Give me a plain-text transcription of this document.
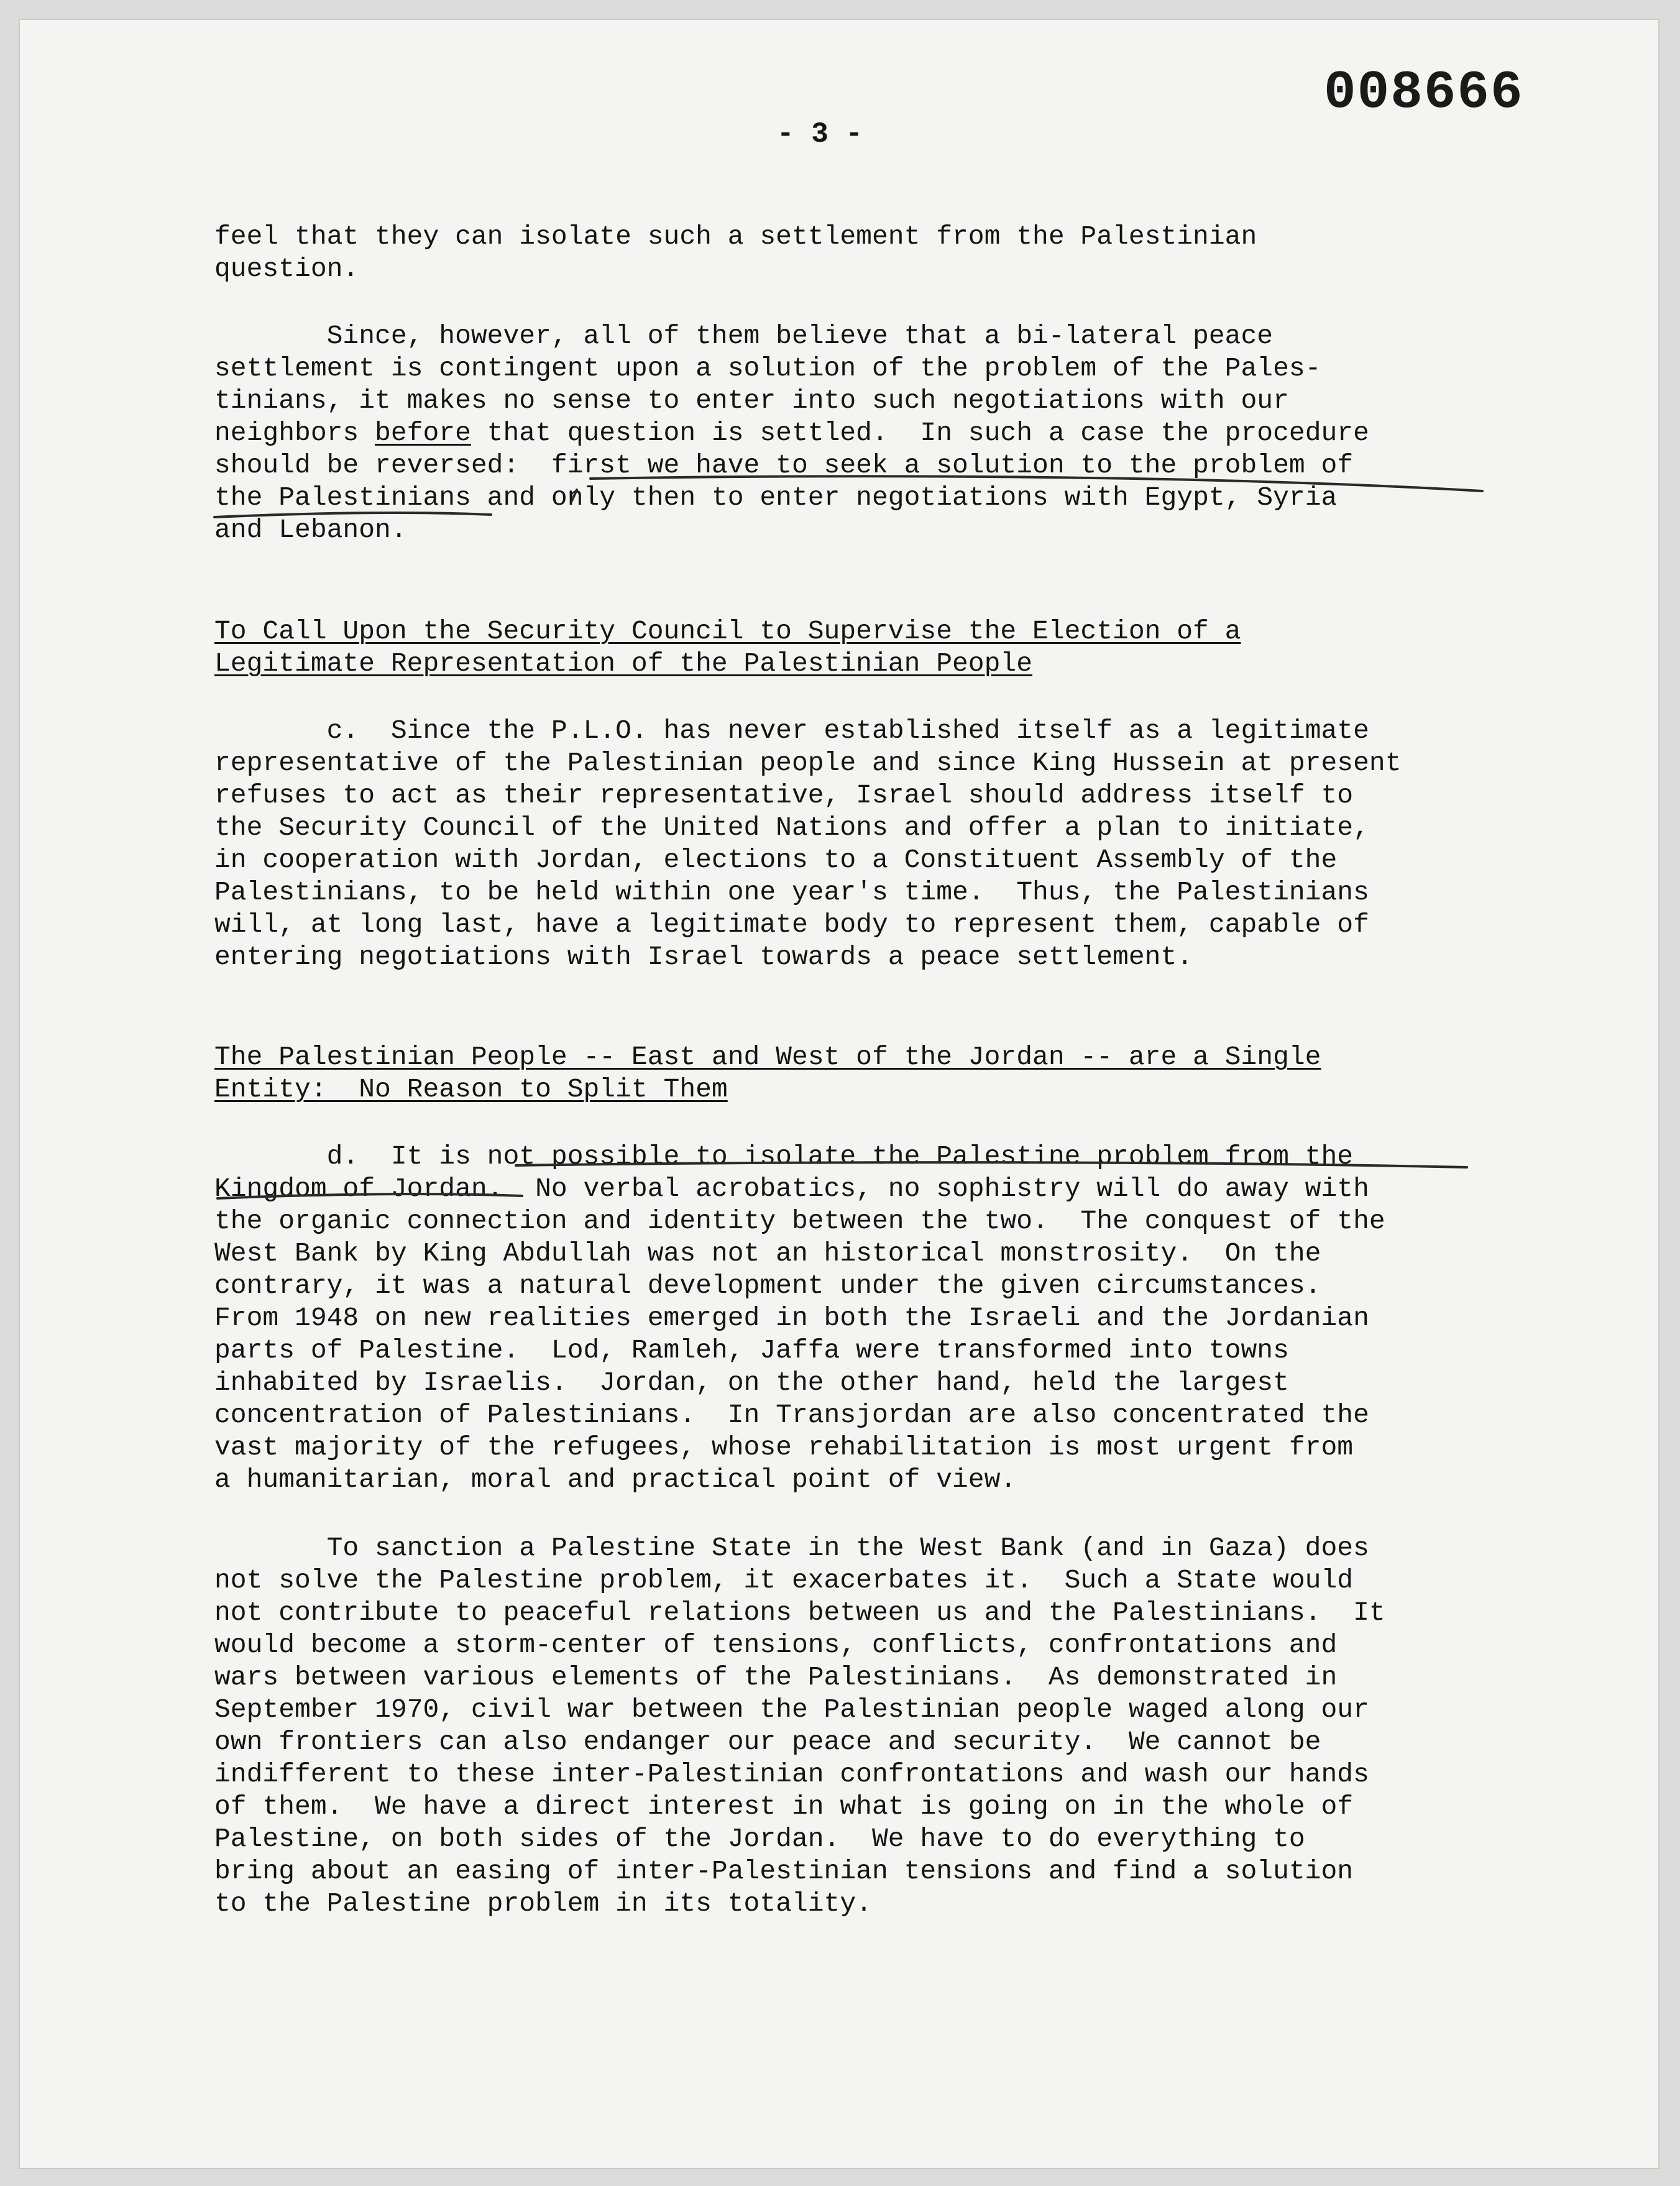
008666
- 3 -
feel that they can isolate such a settlement from the Palestinian
question.
Since, however, all of them believe that a bi-lateral peace
settlement is contingent upon a solution of the problem of the Pales-
tinians, it makes no sense to enter into such negotiations with our
neighbors before that question is settled.  In such a case the procedure
should be reversed:  first we have to seek a solution to the problem of
the Palestinians and only then to enter negotiations with Egypt, Syria
and Lebanon.
To Call Upon the Security Council to Supervise the Election of a
Legitimate Representation of the Palestinian People
c.  Since the P.L.O. has never established itself as a legitimate
representative of the Palestinian people and since King Hussein at present
refuses to act as their representative, Israel should address itself to
the Security Council of the United Nations and offer a plan to initiate,
in cooperation with Jordan, elections to a Constituent Assembly of the
Palestinians, to be held within one year's time.  Thus, the Palestinians
will, at long last, have a legitimate body to represent them, capable of
entering negotiations with Israel towards a peace settlement.
The Palestinian People -- East and West of the Jordan -- are a Single
Entity:  No Reason to Split Them
d.  It is not possible to isolate the Palestine problem from the
Kingdom of Jordan.  No verbal acrobatics, no sophistry will do away with
the organic connection and identity between the two.  The conquest of the
West Bank by King Abdullah was not an historical monstrosity.  On the
contrary, it was a natural development under the given circumstances.
From 1948 on new realities emerged in both the Israeli and the Jordanian
parts of Palestine.  Lod, Ramleh, Jaffa were transformed into towns
inhabited by Israelis.  Jordan, on the other hand, held the largest
concentration of Palestinians.  In Transjordan are also concentrated the
vast majority of the refugees, whose rehabilitation is most urgent from
a humanitarian, moral and practical point of view.
To sanction a Palestine State in the West Bank (and in Gaza) does
not solve the Palestine problem, it exacerbates it.  Such a State would
not contribute to peaceful relations between us and the Palestinians.  It
would become a storm-center of tensions, conflicts, confrontations and
wars between various elements of the Palestinians.  As demonstrated in
September 1970, civil war between the Palestinian people waged along our
own frontiers can also endanger our peace and security.  We cannot be
indifferent to these inter-Palestinian confrontations and wash our hands
of them.  We have a direct interest in what is going on in the whole of
Palestine, on both sides of the Jordan.  We have to do everything to
bring about an easing of inter-Palestinian tensions and find a solution
to the Palestine problem in its totality.
